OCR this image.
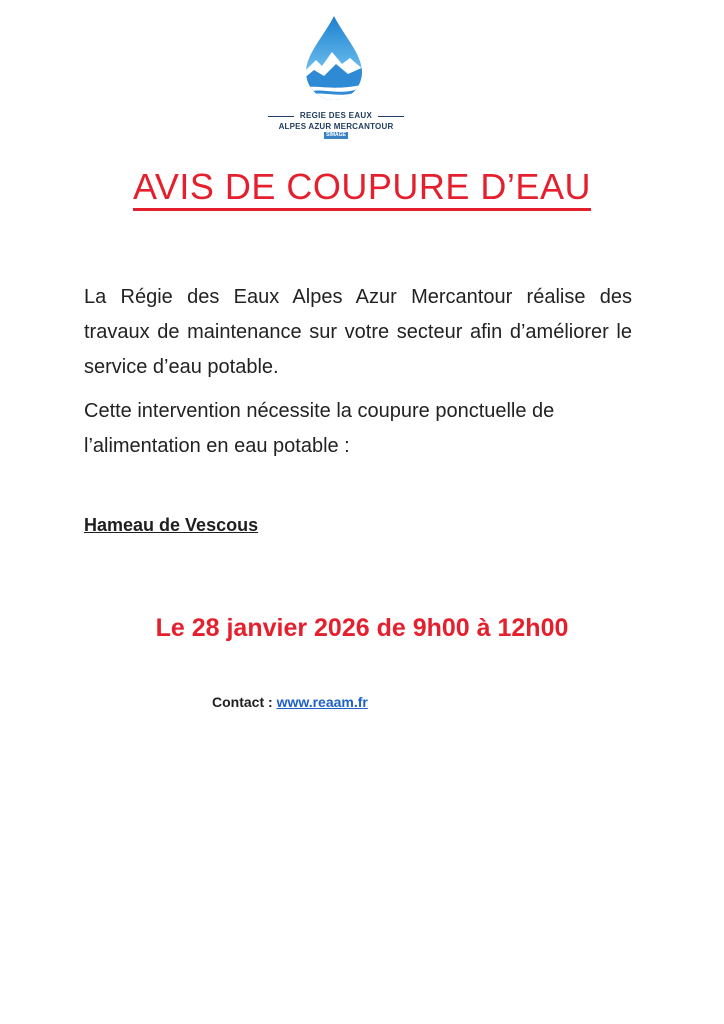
REGIE DES EAUX
ALPES AZUR MERCANTOUR
SIMAGE
AVIS DE COUPURE D’EAU

La Régie des Eaux Alpes Azur Mercantour réalise des travaux de maintenance sur votre secteur afin d’améliorer le service d’eau potable.

Cette intervention nécessite la coupure ponctuelle de l’alimentation en eau potable :

Hameau de Vescous
Le 28 janvier 2026 de 9h00 à 12h00
Contact : www.reaam.fr
